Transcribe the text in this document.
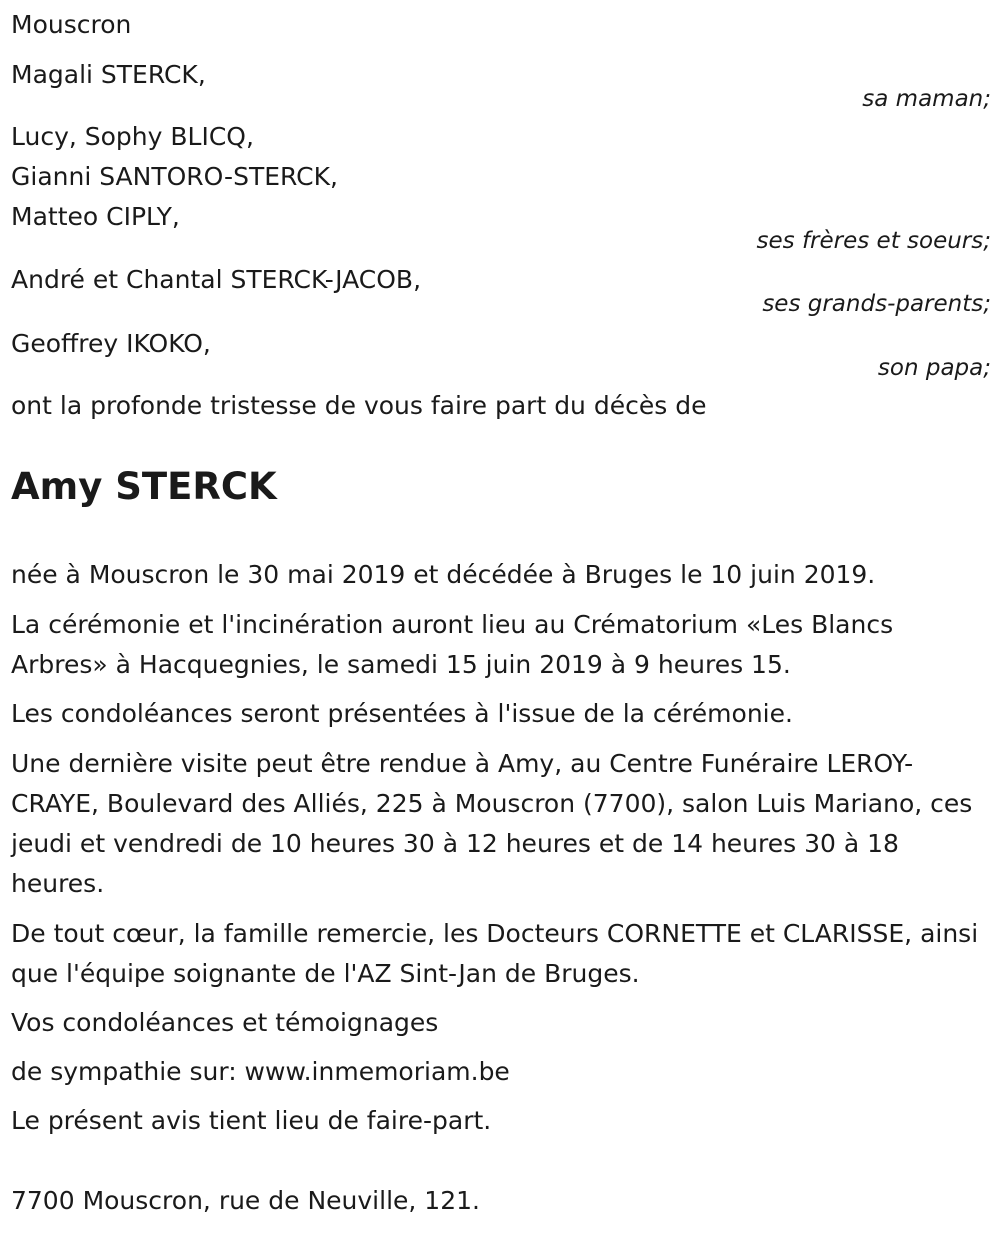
Mouscron
Magali STERCK,
sa maman;
Lucy, Sophy BLICQ,
Gianni SANTORO-STERCK,
Matteo CIPLY,
ses frères et soeurs;
André et Chantal STERCK-JACOB,
ses grands-parents;
Geoffrey IKOKO,
son papa;
ont la profonde tristesse de vous faire part du décès de
Amy STERCK
née à Mouscron le 30 mai 2019 et décédée à Bruges le 10 juin 2019.
La cérémonie et l'incinération auront lieu au Crématorium «Les Blancs Arbres» à Hacquegnies, le samedi 15 juin 2019 à 9 heures 15.
Les condoléances seront présentées à l'issue de la cérémonie.
Une dernière visite peut être rendue à Amy, au Centre Funéraire LEROY-CRAYE, Boulevard des Alliés, 225 à Mouscron (7700), salon Luis Mariano, ces jeudi et vendredi de 10 heures 30 à 12 heures et de 14 heures 30 à 18 heures.
De tout cœur, la famille remercie, les Docteurs CORNETTE et CLARISSE, ainsi que l'équipe soignante de l'AZ Sint-Jan de Bruges.
Vos condoléances et témoignages
de sympathie sur: www.inmemoriam.be
Le présent avis tient lieu de faire-part.
7700 Mouscron, rue de Neuville, 121.
